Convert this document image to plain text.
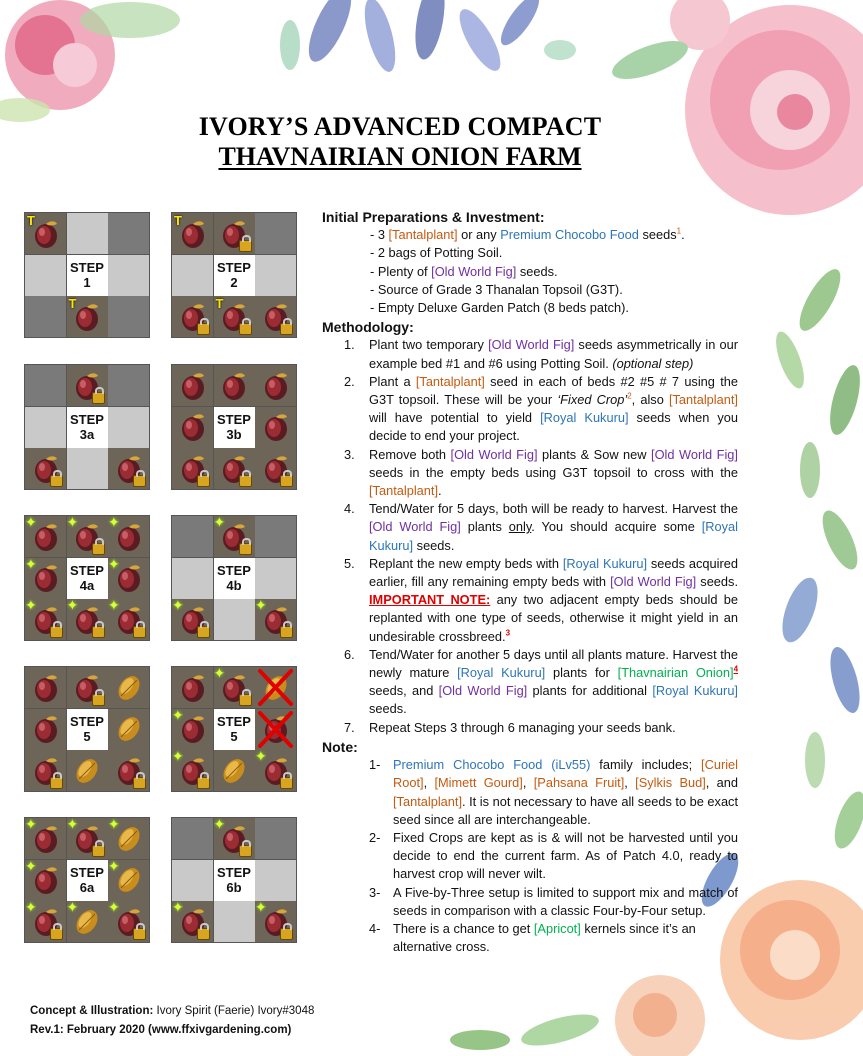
IVORY’S ADVANCED COMPACT
THAVNAIRIAN ONION FARM
T
STEP
1
T
T
STEP
2
T
STEP
3a
STEP
3b
✦ ✦ ✦
✦	STEP
4a
✦
✦ ✦ ✦
✦
STEP
4b
✦	✦
STEP
5
✦
✦	STEP
5
✦	✦
✦ ✦ ✦
✦	STEP
6a
✦
✦ ✦ ✦
✦
STEP
6b
✦	✦

Initial Preparations & Investment:

- 3 [Tantalplant] or any Premium Chocobo Food seeds$^1$.
- 2 bags of Potting Soil.
- Plenty of [Old World Fig] seeds.
- Source of Grade 3 Thanalan Topsoil (G3T).
- Empty Deluxe Garden Patch (8 beds patch).

Methodology:

1.	Plant two temporary [Old World Fig] seeds asymmetrically in our example bed #1 and #6 using Potting Soil. (optional step)
2.	Plant a [Tantalplant] seed in each of beds #2 #5 # 7 using the G3T topsoil. These will be your ‘Fixed Crop’$^2$, also [Tantalplant] will have potential to yield [Royal Kukuru] seeds when you decide to end your project.
3.	Remove both [Old World Fig] plants & Sow new [Old World Fig] seeds in the empty beds using G3T topsoil to cross with the [Tantalplant].
4.	Tend/Water for 5 days, both will be ready to harvest. Harvest the [Old World Fig] plants only. You should acquire some [Royal Kukuru] seeds.
5.	Replant the new empty beds with [Royal Kukuru] seeds acquired earlier, fill any remaining empty beds with [Old World Fig] seeds. IMPORTANT NOTE: any two adjacent empty beds should be replanted with one type of seeds, otherwise it might yield in an undesirable crossbreed.$^3$
6.	Tend/Water for another 5 days until all plants mature. Harvest the newly mature [Royal Kukuru] plants for [Thavnairian Onion]$^4$ seeds, and [Old World Fig] plants for additional [Royal Kukuru] seeds.
7.	Repeat Steps 3 through 6 managing your seeds bank.

Note:

1- Premium Chocobo Food (iLv55) family includes; [Curiel Root], [Mimett Gourd], [Pahsana Fruit], [Sylkis Bud], and [Tantalplant]. It is not necessary to have all seeds to be exact seed since all are interchangeable.
2- Fixed Crops are kept as is & will not be harvested until you decide to end the current farm. As of Patch 4.0, ready to harvest crop will never wilt.
3- A Five-by-Three setup is limited to support mix and match of seeds in comparison with a classic Four-by-Four setup.
4- There is a chance to get [Apricot] kernels since it’s an alternative cross.
Concept & Illustration: Ivory Spirit (Faerie) Ivory#3048
Rev.1: February 2020 (www.ffxivgardening.com)
